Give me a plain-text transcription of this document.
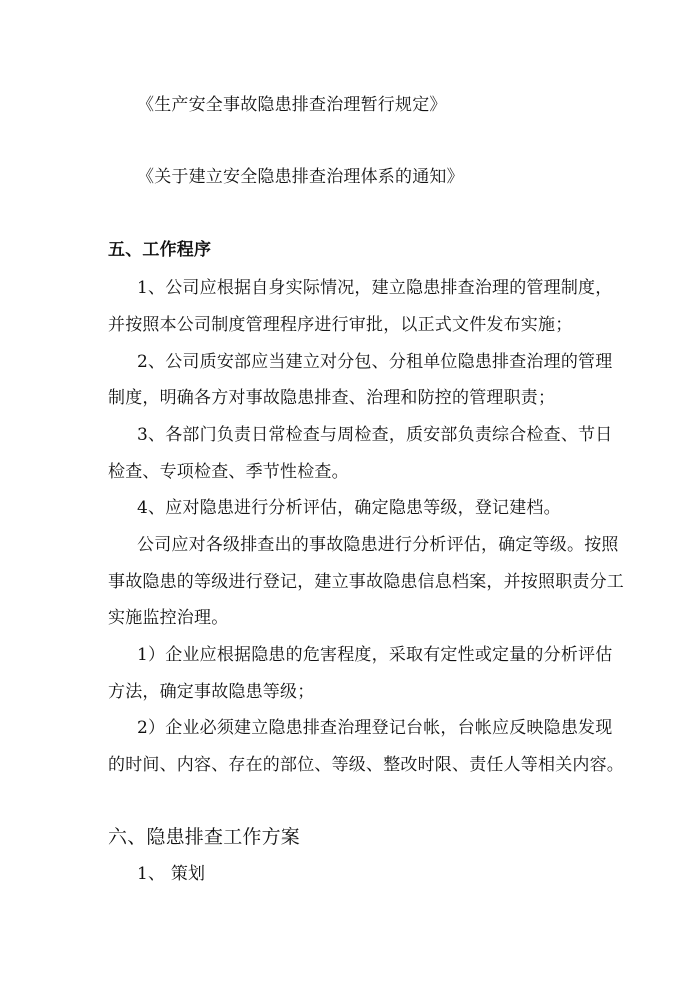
《生产安全事故隐患排查治理暂行规定》
《关于建立安全隐患排查治理体系的通知》
五、工作程序
1、公司应根据自身实际情况，建立隐患排查治理的管理制度，
并按照本公司制度管理程序进行审批，以正式文件发布实施；
2、公司质安部应当建立对分包、分租单位隐患排查治理的管理
制度，明确各方对事故隐患排查、治理和防控的管理职责；
3、各部门负责日常检查与周检查，质安部负责综合检查、节日
检查、专项检查、季节性检查。
4、应对隐患进行分析评估，确定隐患等级，登记建档。
公司应对各级排查出的事故隐患进行分析评估，确定等级。按照
事故隐患的等级进行登记，建立事故隐患信息档案，并按照职责分工
实施监控治理。
1）企业应根据隐患的危害程度，采取有定性或定量的分析评估
方法，确定事故隐患等级；
2）企业必须建立隐患排查治理登记台帐，台帐应反映隐患发现
的时间、内容、存在的部位、等级、整改时限、责任人等相关内容。
六、隐患排查工作方案
1、 策划
